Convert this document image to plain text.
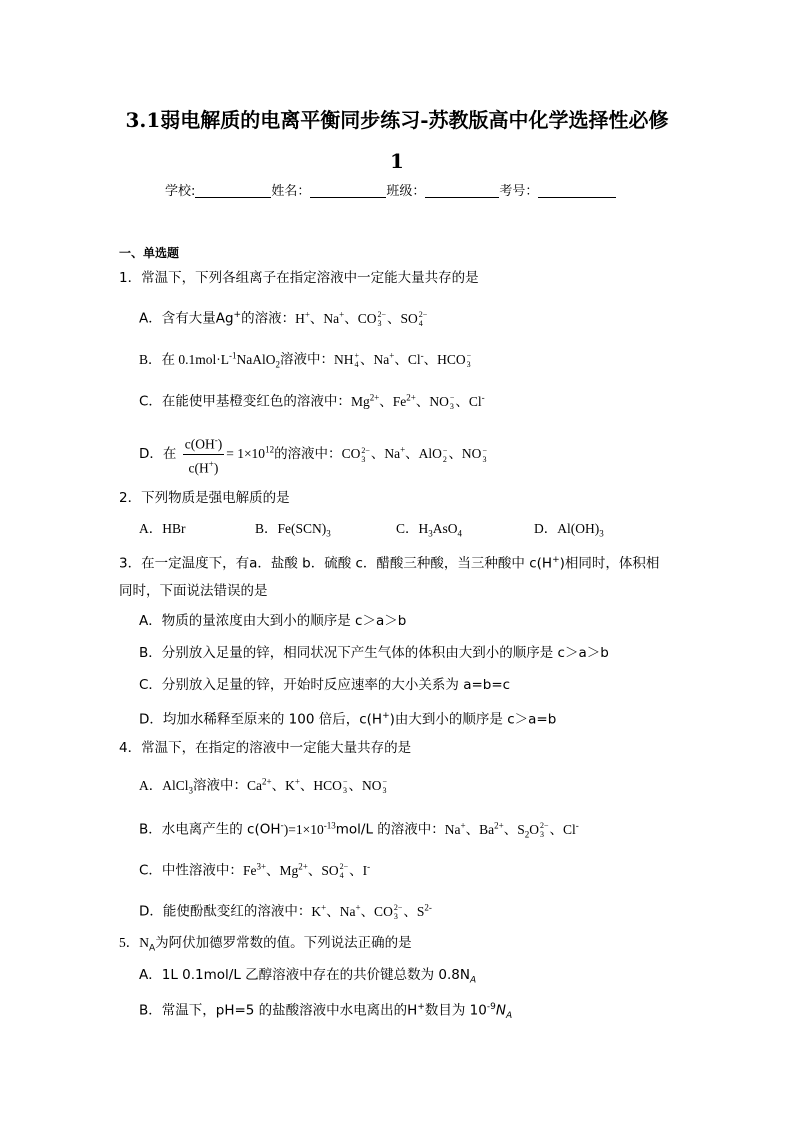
3.1弱电解质的电离平衡同步练习-苏教版高中化学选择性必修
1
学校:	姓名：	班级：	考号：
一、单选题
1．常温下，下列各组离子在指定溶液中一定能大量共存的是
A．含有大量Ag+的溶液：H+、Na+、CO2−
3 、SO2−
4
B．在 $0.1mol\cdot L^{-1}NaAlO_2$溶液中：NH+
4 、Na+、Cl-、HCO−
3
C．在能使甲基橙变红色的溶液中：$Mg^{2+}$、$Fe^{2+}$、NO−
3 、Cl-
D．在 $\frac{c(OH^-)}{c(H^+)} = 1\times 10^{12}$的溶液中：CO2−
3 、Na+、AlO−
2 、NO−
3
2．下列物质是强电解质的是
A．HBr	B．$Fe(SCN)_3$	C．$H_3AsO_4$	D．$Al(OH)_3$
3．在一定温度下，有a．盐酸 b．硫酸 c．醋酸三种酸，当三种酸中 c(H+)相同时，体积相
同时，下面说法错误的是
A．物质的量浓度由大到小的顺序是 c＞a＞b
B．分别放入足量的锌，相同状况下产生气体的体积由大到小的顺序是 c＞a＞b
C．分别放入足量的锌，开始时反应速率的大小关系为 a=b=c
D．均加水稀释至原来的 100 倍后，c(H+)由大到小的顺序是 c＞a=b
4．常温下，在指定的溶液中一定能大量共存的是
A．AlCl$_3$溶液中：$Ca^{2+}$、K+、HCO−
3 、NO−
3
B．水电离产生的 $c(OH^-)=1\times 10^{-13}mol/L$ 的溶液中：Na+、$Ba^{2+}$、$S_2O2-$
3 、Cl-
C．中性溶液中：$Fe^{3+}$、$Mg^{2+}$、SO2−
4 、I-
D．能使酚酞变红的溶液中：K+、Na+、CO2−
3 、$S^{2-}$
5．$N_A$为阿伏加德罗常数的值。下列说法正确的是
A．1L 0.1mol/L 乙醇溶液中存在的共价键总数为 $0.8N_A$
B．常温下，pH=5 的盐酸溶液中水电离出的H+数目为 $10^{-9}N_A$
